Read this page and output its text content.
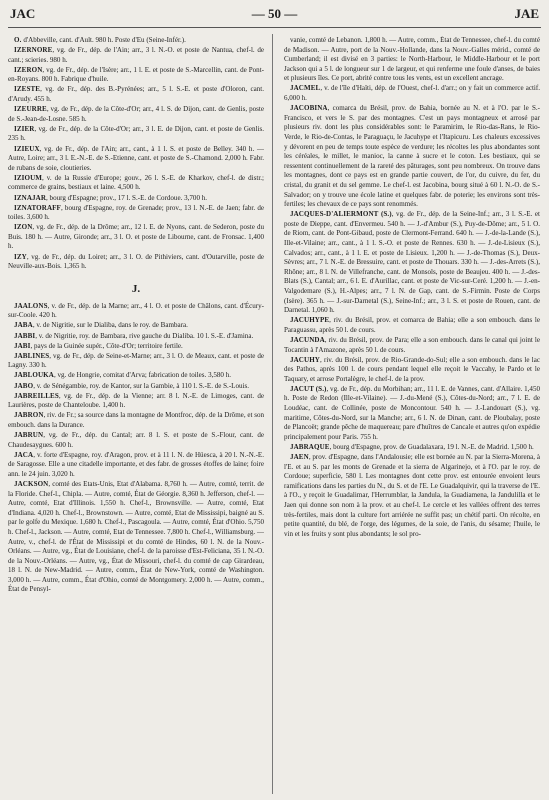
JAC	— 50 —	JAE

O. d'Abbeville, cant. d'Ault. 980 h. Poste d'Eu (Seine-Infér.).

IZERNORE, vg. de Fr., dép. de l'Ain; arr., 3 l. N.-O. et poste de Nantua, chef-l. de cant.; scieries. 980 h.

IZERON, vg. de Fr., dép. de l'Isère; arr., 1 l. E. et poste de S.-Marcellin, cant. de Pont-en-Royans. 800 h. Fabrique d'huile.

IZESTE, vg. de Fr., dép. des B.-Pyrénées; arr., 5 l. S.-E. et poste d'Oloron, cant. d'Arudy. 455 h.

IZEURRE, vg. de Fr., dép. de la Côte-d'Or; arr., 4 l. S. de Dijon, cant. de Genlis, poste de S.-Jean-de-Losne. 585 h.

IZIER, vg. de Fr., dép. de la Côte-d'Or; arr., 3 l. E. de Dijon, cant. et poste de Genlis. 235 h.

IZIEUX, vg. de Fr., dép. de l'Ain; arr., cant., à 1 l. S. et poste de Belley. 340 h. — Autre, Loire; arr., 3 l. E.-N.-E. de S.-Etienne, cant. et poste de S.-Chamond. 2,000 h. Fabr. de rubans de soie, cloutieries.

IZIOUM, v. de la Russie d'Europe; gouv., 26 l. S.-E. de Kharkov, chef-l. de distr.; commerce de grains, bestiaux et laine. 4,500 h.

IZNAJAR, bourg d'Espagne; prov., 17 l. S.-E. de Cordoue. 3,700 h.

IZNATORAFF, bourg d'Espagne, roy. de Grenade; prov., 13 l. N.-E. de Jaen; fabr. de toiles. 3,600 h.

IZON, vg. de Fr., dép. de la Drôme; arr., 12 l. E. de Nyons, cant. de Sederon, poste du Buis. 180 h. — Autre, Gironde; arr., 3 l. O. et poste de Libourne, cant. de Fronsac. 1,400 h.

IZY, vg. de Fr., dép. du Loiret; arr., 3 l. O. de Pithiviers, cant. d'Outarville, poste de Neuville-aux-Bois. 1,365 h.

J.

JAALONS, v. de Fr., dép. de la Marne; arr., 4 l. O. et poste de Châlons, cant. d'Écury-sur-Coole. 420 h.

JABA, v. de Nigritie, sur le Dialiba, dans le roy. de Bambara.

JABBI, v. de Nigritie, roy. de Bambara, rive gauche du Dialiba. 10 l. S.-E. d'Jamina.

JABI, pays de la Guinée supér., Côte-d'Or; territoire fertile.

JABLINES, vg. de Fr., dép. de Seine-et-Marne; arr., 3 l. O. de Meaux, cant. et poste de Lagny. 330 h.

JABLOUKA, vg. de Hongrie, comitat d'Arva; fabrication de toiles. 3,580 h.

JABO, v. de Sénégambie, roy. de Kantor, sur la Gambie, à 110 l. S.-E. de S.-Louis.

JABREILLES, vg. de Fr., dép. de la Vienne; arr. 8 l. N.-E. de Limoges, cant. de Laurières, poste de Chanteloube. 1,400 h.

JABRON, riv. de Fr.; sa source dans la montagne de Montfroc, dép. de la Drôme, et son embouch. dans la Durance.

JABRUN, vg. de Fr., dép. du Cantal; arr. 8 l. S. et poste de S.-Flour, cant. de Chaudesaygues. 600 h.

JACA, v. forte d'Espagne, roy. d'Aragon, prov. et à 11 l. N. de Hüesca, à 20 l. N.-N.-E. de Saragosse. Elle a une citadelle importante, et des fabr. de grosses étoffes de laine; foire ann. le 24 juin. 3,020 h.

JACKSON, comté des Etats-Unis, Etat d'Alabama. 8,760 h. — Autre, comté, territ. de la Floride. Chef-l., Chipla. — Autre, comté, État de Géorgie. 8,360 h. Jefferson, chef-l. — Autre, comté, Etat d'Illinois. 1,550 h. Chef-l., Brownsville. — Autre, comté, Etat d'Indiana. 4,020 h. Chef-l., Brownstown. — Autre, comté, Etat de Mississipi, baigné au S. par le golfe du Mexique. 1,680 h. Chef-l., Pascagoula. — Autre, comté, État d'Ohio. 5,750 h. Chef-l., Jackson. — Autre, comté, Etat de Tennessee. 7,800 h. Chef-l., Williamsburg. — Autre, v., chef-l. de l'État de Mississipi et du comté de Hindes, 60 l. N. de la Nouv.-Orléans. — Autre, vg., État de Louisiane, chef-l. de la paroisse d'Est-Feliciana, 35 l. N.-O. de la Nouv.-Orléans. — Autre, vg., État de Missouri, chef-l. du comté de cap Girardeau, 18 l. N. de New-Madrid. — Autre, comm., État de New-York, comté de Washington. 3,000 h. — Autre, comm., État d'Ohio, comté de Montgomery. 2,000 h. — Autre, comm., État de Pensyl-

vanie, comté de Lebanon. 1,800 h. — Autre, comm., État de Tennessee, chef-l. du comté de Madison. — Autre, port de la Nouv.-Hollande, dans la Nouv.-Galles mérid., comté de Cumberland; il est divisé en 3 parties: le North-Harbour, le Middle-Harbour et le port Jackson qui a 5 l. de longueur sur 1 de largeur, et qui renferme une foule d'anses, de baies et plusieurs îles. Ce port, abrité contre tous les vents, est un excellent ancrage.

JACMEL, v. de l'île d'Haïti, dép. de l'Ouest, chef-l. d'arr.; on y fait un commerce actif. 6,000 h.

JACOBINA, comarca du Brésil, prov. de Bahia, bornée au N. et à l'O. par le S.-Francisco, et vers le S. par des montagnes. C'est un pays montagneux et arrosé par plusieurs riv. dont les plus considérables sont: le Paramirim, le Rio-das-Rans, le Rio-Verde, le Rio-de-Contas, le Paraguaçu, le Jacuhype et l'Itapicuru. Les chaleurs excessives y dévorent en peu de temps toute espèce de verdure; les récoltes les plus abondantes sont les céréales, le millet, le manioc, la canne à sucre et le coton. Les bestiaux, qui se ressentent continuellement de la rareté des pâturages, sont peu nombreux. On trouve dans les montagnes, dont ce pays est en grande partie couvert, de l'or, du cuivre, du fer, du cristal, du granit et du sel gemme. Le chef-l. est Jacobina, bourg situé à 60 l. N.-O. de S.-Salvador; on y trouve une école latine et quelques fabr. de poterie; les environs sont très-fertiles; les chevaux de ce pays sont renommés.

JACQUES-D'ALIERMONT (S.), vg. de Fr., dép. de la Seine-Inf.; arr., 3 l. S.-E. et poste de Dieppe, cant. d'Envermeu. 540 h. — J.-d'Ambur (S.), Puy-de-Dôme; arr., 5 l. O. de Riom, cant. de Pont-Gibaud, poste de Clermont-Ferrand. 640 h. — J.-de-la-Lande (S.), Ille-et-Vilaine; arr., cant., à 1 l. S.-O. et poste de Rennes. 630 h. — J.-de-Lisieux (S.), Calvados; arr., cant., à 1 l. E. et poste de Lisieux. 1,200 h. — J.-de-Thomas (S.), Deux-Sèvres; arr., 7 l. N.-E. de Bressuire, cant. et poste de Thouars. 330 h. — J.-des-Arrets (S.), Rhône; arr., 8 l. N. de Villefranche, cant. de Monsols, poste de Beaujeu. 400 h. — J.-des-Blats (S.), Cantal; arr., 6 l. E. d'Aurillac, cant. et poste de Vic-sur-Ceré. 1,200 h. — J.-en-Valgodemare (S.), H.-Alpes; arr., 7 l. N. de Gap, cant. de S.-Firmin. Poste de Corps (Isère). 365 h. — J.-sur-Darnetal (S.), Seine-Inf.; arr., 3 l. S. et poste de Rouen, cant. de Darnetal. 1,060 h.

JACUHYPE, riv. du Brésil, prov. et comarca de Bahia; elle a son embouch. dans le Paraguassu, après 50 l. de cours.

JACUNDA, riv. du Brésil, prov. de Para; elle a son embouch. dans le canal qui joint le Tocantin à l'Amazone, après 50 l. de cours.

JACUHY, riv. du Brésil, prov. de Rio-Grande-do-Sul; elle a son embouch. dans le lac des Pathos, après 100 l. de cours pendant lequel elle reçoit le Vaccahy, le Pardo et le Taquary, et arrose Portalègre, le chef-l. de la prov.

JACUT (S.), vg. de Fr., dép. du Morbihan; arr., 11 l. E. de Vannes, cant. d'Allaire. 1,450 h. Poste de Redon (Ille-et-Vilaine). — J.-du-Mené (S.), Côtes-du-Nord; arr., 7 l. E. de Loudéac, cant. de Collinée, poste de Moncontour. 540 h. — J.-Landouart (S.), vg. maritime, Côtes-du-Nord, sur la Manche; arr., 6 l. N. de Dinan, cant. de Ploubalay, poste de Plancoët; grande pêche de maquereau; pare d'huîtres de Cancale et autres qu'on expédie principalement pour Paris. 755 h.

JABRAQUE, bourg d'Espagne, prov. de Guadalaxara, 19 l. N.-E. de Madrid. 1,500 h.

JAEN, prov. d'Espagne, dans l'Andalousie; elle est bornée au N. par la Sierra-Morena, à l'E. et au S. par les monts de Grenade et la sierra de Algarinejo, et à l'O. par le roy. de Cordoue; superficie, 580 l. Les montagnes dont cette prov. est entourée envoient leurs ramifications dans les parties du N., du S. et de l'E. Le Guadalquivir, qui la traverse de l'E. à l'O., y reçoit le Guadalimar, l'Herrumblar, la Jandula, la Guadiamena, la Jandulilla et le Jaen qui donne son nom à la prov. et au chef-l. Le cercle et les vallées offrent des terres très-fertiles, mais dont la culture fort arriérée ne suffit pas; un chétif parti. On récolte, en petite quantité, du blé, de l'orge, des légumes, de la soie, de l'anis, du sésame; l'huile, le vin et les fruits y sont plus abondants; le sol pro-
